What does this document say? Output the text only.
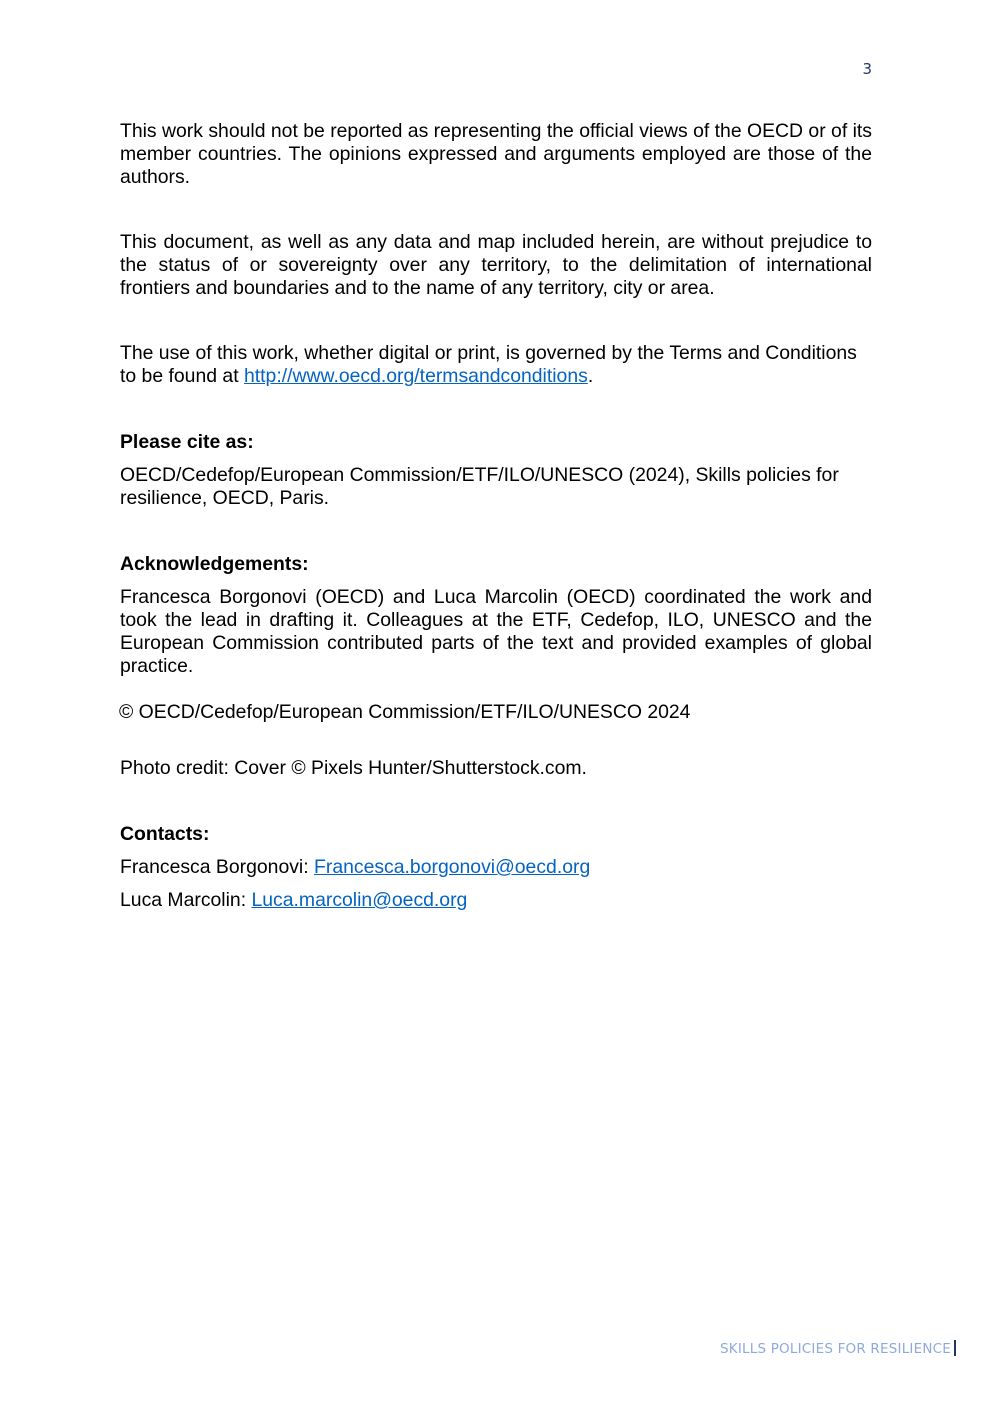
3

This work should not be reported as representing the official views of the OECD or of its member countries. The opinions expressed and arguments employed are those of the authors.

This document, as well as any data and map included herein, are without prejudice to the status of or sovereignty over any territory, to the delimitation of international frontiers and boundaries and to the name of any territory, city or area.

The use of this work, whether digital or print, is governed by the Terms and Conditions to be found at http://www.oecd.org/termsandconditions.

Please cite as:

OECD/Cedefop/European Commission/ETF/ILO/UNESCO (2024), Skills policies for resilience, OECD, Paris.

Acknowledgements:

Francesca Borgonovi (OECD) and Luca Marcolin (OECD) coordinated the work and took the lead in drafting it. Colleagues at the ETF, Cedefop, ILO, UNESCO and the European Commission contributed parts of the text and provided examples of global practice.

© OECD/Cedefop/European Commission/ETF/ILO/UNESCO 2024

Photo credit: Cover © Pixels Hunter/Shutterstock.com.

Contacts:

Francesca Borgonovi: Francesca.borgonovi@oecd.org

Luca Marcolin: Luca.marcolin@oecd.org

SKILLS POLICIES FOR RESILIENCE
